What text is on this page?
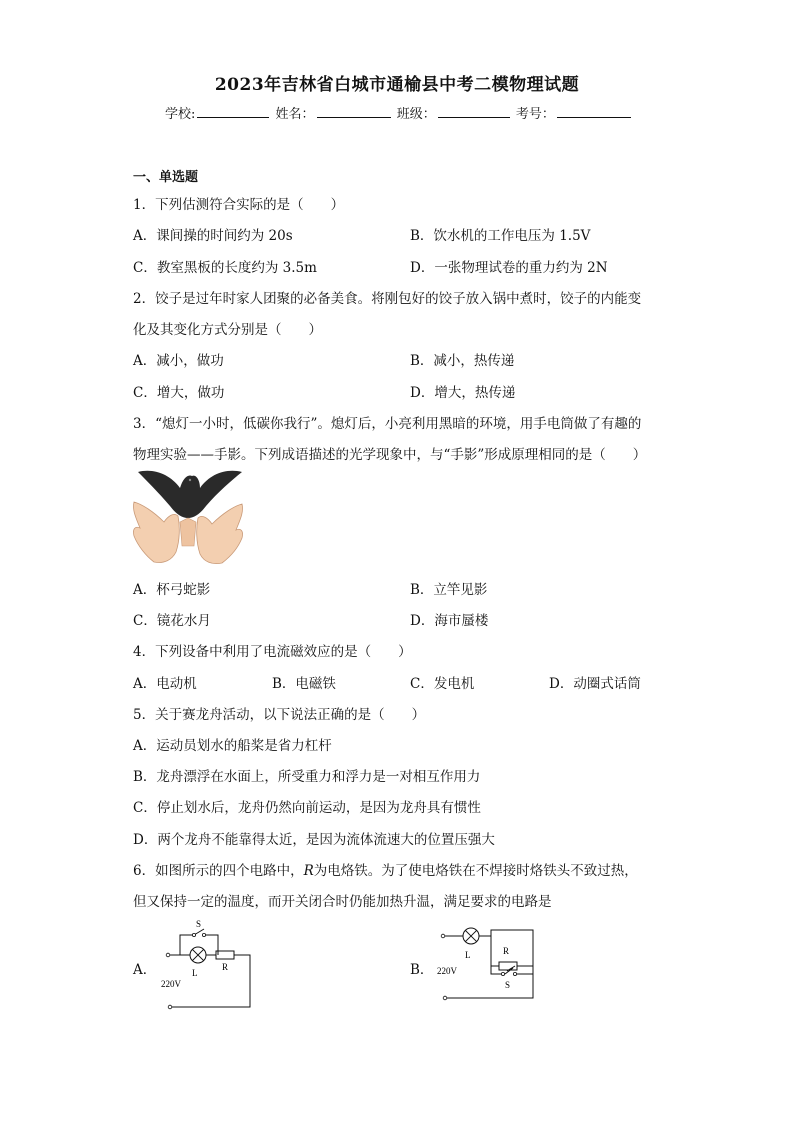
2023年吉林省白城市通榆县中考二模物理试题
学校:	姓名：	班级：	考号：
一、单选题
1．下列估测符合实际的是（　　）
A．课间操的时间约为 20s	B．饮水机的工作电压为 1.5V
C．教室黑板的长度约为 3.5m	D．一张物理试卷的重力约为 2N
2．饺子是过年时家人团聚的必备美食。将刚包好的饺子放入锅中煮时，饺子的内能变
化及其变化方式分别是（　　）
A．减小，做功	B．减小，热传递
C．增大，做功	D．增大，热传递
3．“熄灯一小时，低碳你我行”。熄灯后，小亮利用黑暗的环境，用手电筒做了有趣的
物理实验——手影。下列成语描述的光学现象中，与“手影”形成原理相同的是（　　）
A．杯弓蛇影	B．立竿见影
C．镜花水月	D．海市蜃楼
4．下列设备中利用了电流磁效应的是（　　）
A．电动机	B．电磁铁	C．发电机	D．动圈式话筒
5．关于赛龙舟活动，以下说法正确的是（　　）
A．运动员划水的船桨是省力杠杆
B．龙舟漂浮在水面上，所受重力和浮力是一对相互作用力
C．停止划水后，龙舟仍然向前运动，是因为龙舟具有惯性
D．两个龙舟不能靠得太近，是因为流体流速大的位置压强大
6．如图所示的四个电路中，R为电烙铁。为了使电烙铁在不焊接时烙铁头不致过热，
但又保持一定的温度，而开关闭合时仍能加热升温，满足要求的电路是
A．
S
L
R
220V
B．
L	R
S
220V
